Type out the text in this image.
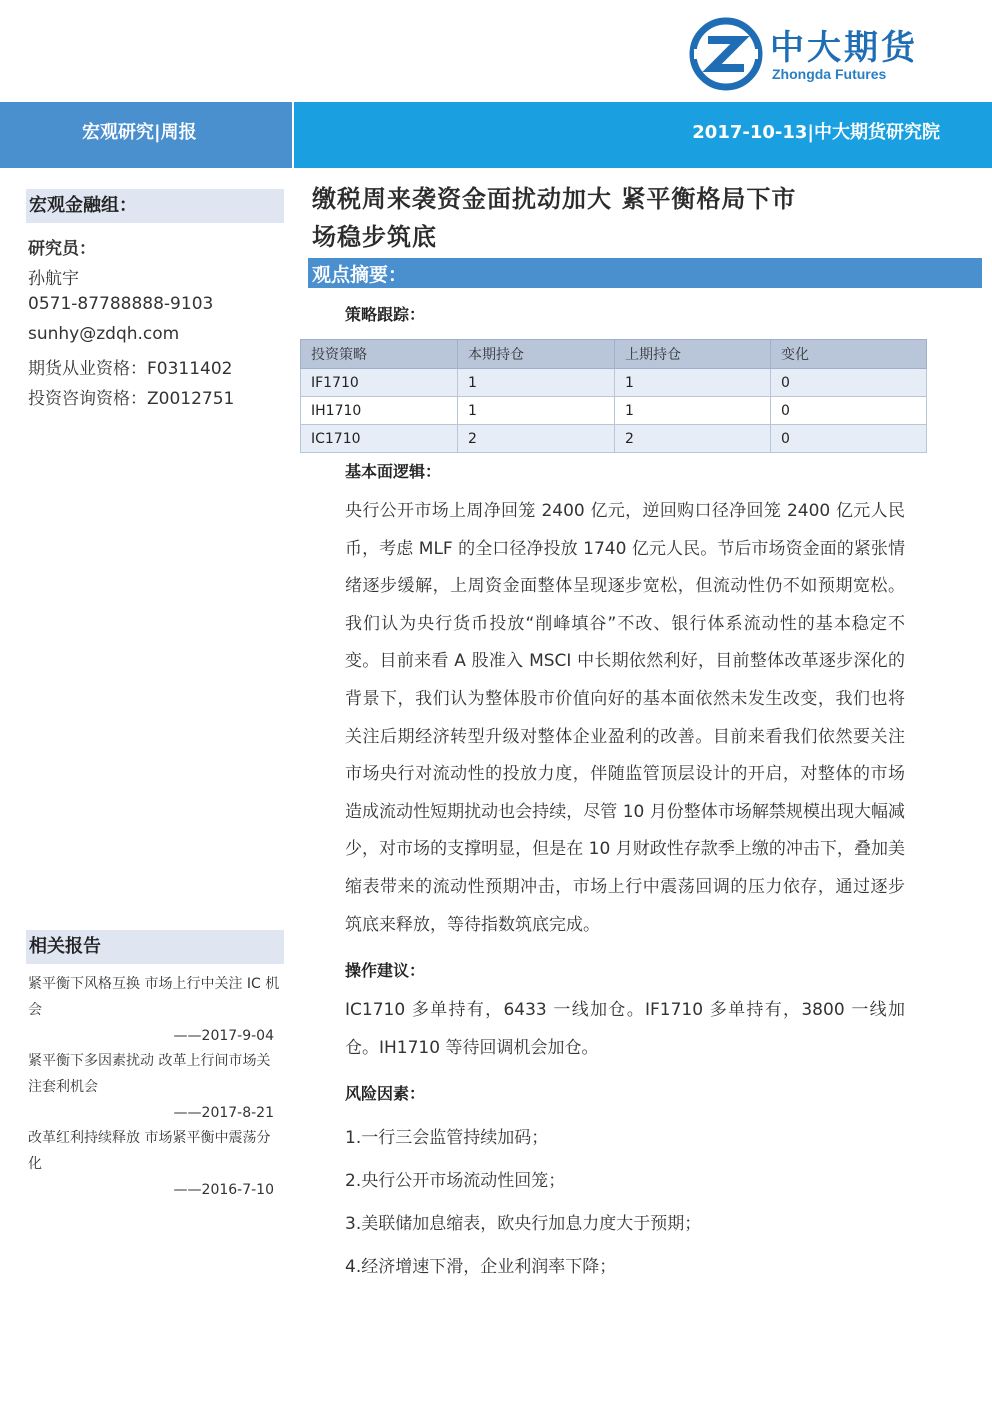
中大期货
Zhongda Futures
宏观研究|周报	2017-10-13|中大期货研究院
宏观金融组：
研究员：
孙航宇
0571-87788888-9103
sunhy@zdqh.com
期货从业资格：F0311402
投资咨询资格：Z0012751
相关报告
紧平衡下风格互换 市场上行中关注 IC 机会
——2017-9-04
紧平衡下多因素扰动 改革上行间市场关注套利机会
——2017-8-21
改革红利持续释放 市场紧平衡中震荡分化
——2016-7-10
缴税周来袭资金面扰动加大 紧平衡格局下市
场稳步筑底
观点摘要：
策略跟踪：
投资策略	本期持仓	上期持仓	变化
IF1710	1	1	0
IH1710	1	1	0
IC1710	2	2	0
基本面逻辑：
央行公开市场上周净回笼 2400 亿元，逆回购口径净回笼 2400 亿元人民币，考虑 MLF 的全口径净投放 1740 亿元人民。节后市场资金面的紧张情绪逐步缓解，上周资金面整体呈现逐步宽松，但流动性仍不如预期宽松。我们认为央行货币投放“削峰填谷”不改、银行体系流动性的基本稳定不变。目前来看 A 股准入 MSCI 中长期依然利好，目前整体改革逐步深化的背景下，我们认为整体股市价值向好的基本面依然未发生改变，我们也将关注后期经济转型升级对整体企业盈利的改善。目前来看我们依然要关注市场央行对流动性的投放力度，伴随监管顶层设计的开启，对整体的市场造成流动性短期扰动也会持续，尽管 10 月份整体市场解禁规模出现大幅减少，对市场的支撑明显，但是在 10 月财政性存款季上缴的冲击下，叠加美缩表带来的流动性预期冲击，市场上行中震荡回调的压力依存，通过逐步筑底来释放，等待指数筑底完成。
操作建议：
IC1710 多单持有，6433 一线加仓。IF1710 多单持有，3800 一线加仓。IH1710 等待回调机会加仓。
风险因素：
1.一行三会监管持续加码；
2.央行公开市场流动性回笼；
3.美联储加息缩表，欧央行加息力度大于预期；
4.经济增速下滑，企业利润率下降；
